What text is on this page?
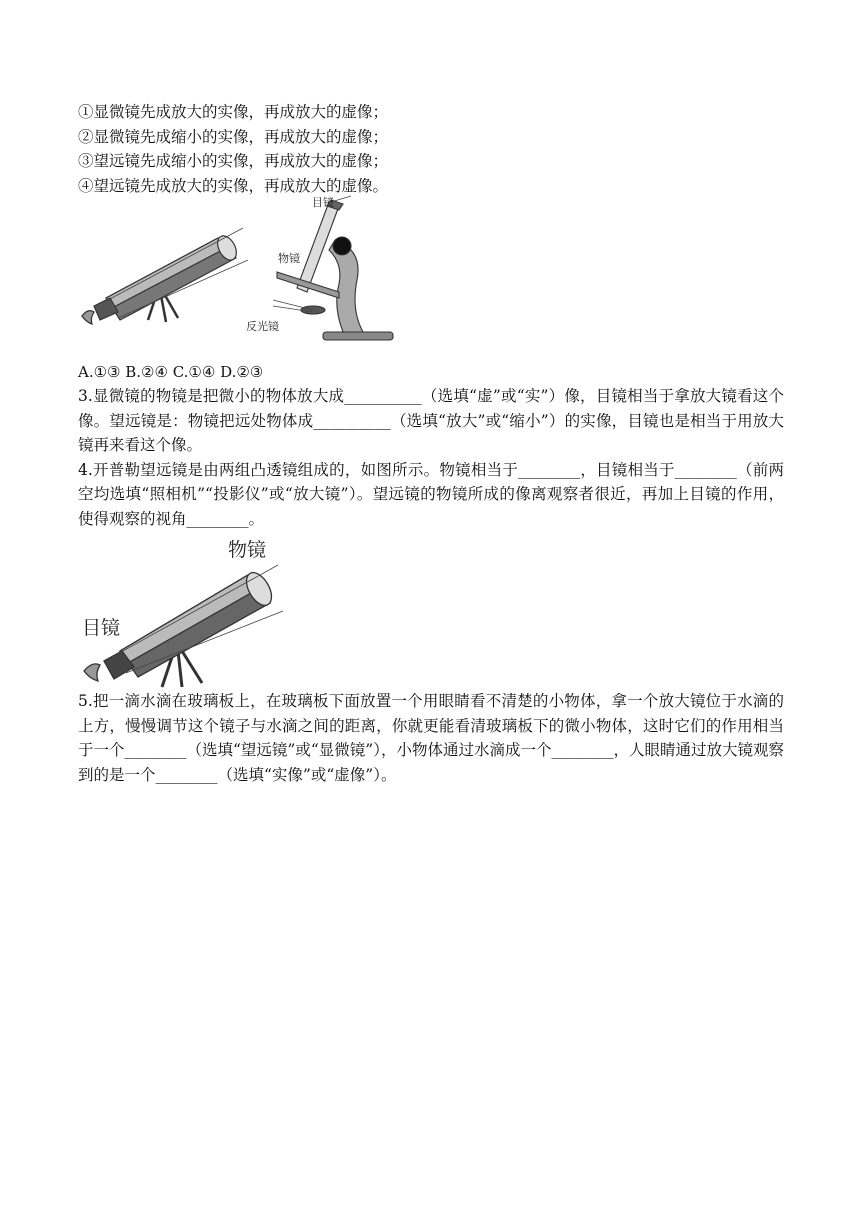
①显微镜先成放大的实像，再成放大的虚像；
②显微镜先成缩小的实像，再成放大的虚像；
③望远镜先成缩小的实像，再成放大的虚像；
④望远镜先成放大的实像，再成放大的虚像。
目镜
物镜
反光镜
A.①③ B.②④ C.①④ D.②③
3.显微镜的物镜是把微小的物体放大成__________（选填“虚”或“实”）像，目镜相当于拿放大镜看这个像。望远镜是：物镜把远处物体成__________（选填“放大”或“缩小”）的实像，目镜也是相当于用放大镜再来看这个像。
4.开普勒望远镜是由两组凸透镜组成的，如图所示。物镜相当于________，目镜相当于________（前两空均选填“照相机”“投影仪”或“放大镜”）。望远镜的物镜所成的像离观察者很近，再加上目镜的作用，使得观察的视角________。
物镜
目镜
5.把一滴水滴在玻璃板上，在玻璃板下面放置一个用眼睛看不清楚的小物体，拿一个放大镜位于水滴的上方，慢慢调节这个镜子与水滴之间的距离，你就更能看清玻璃板下的微小物体，这时它们的作用相当于一个________（选填“望远镜”或“显微镜”），小物体通过水滴成一个________，人眼睛通过放大镜观察到的是一个________（选填“实像”或“虚像”）。
